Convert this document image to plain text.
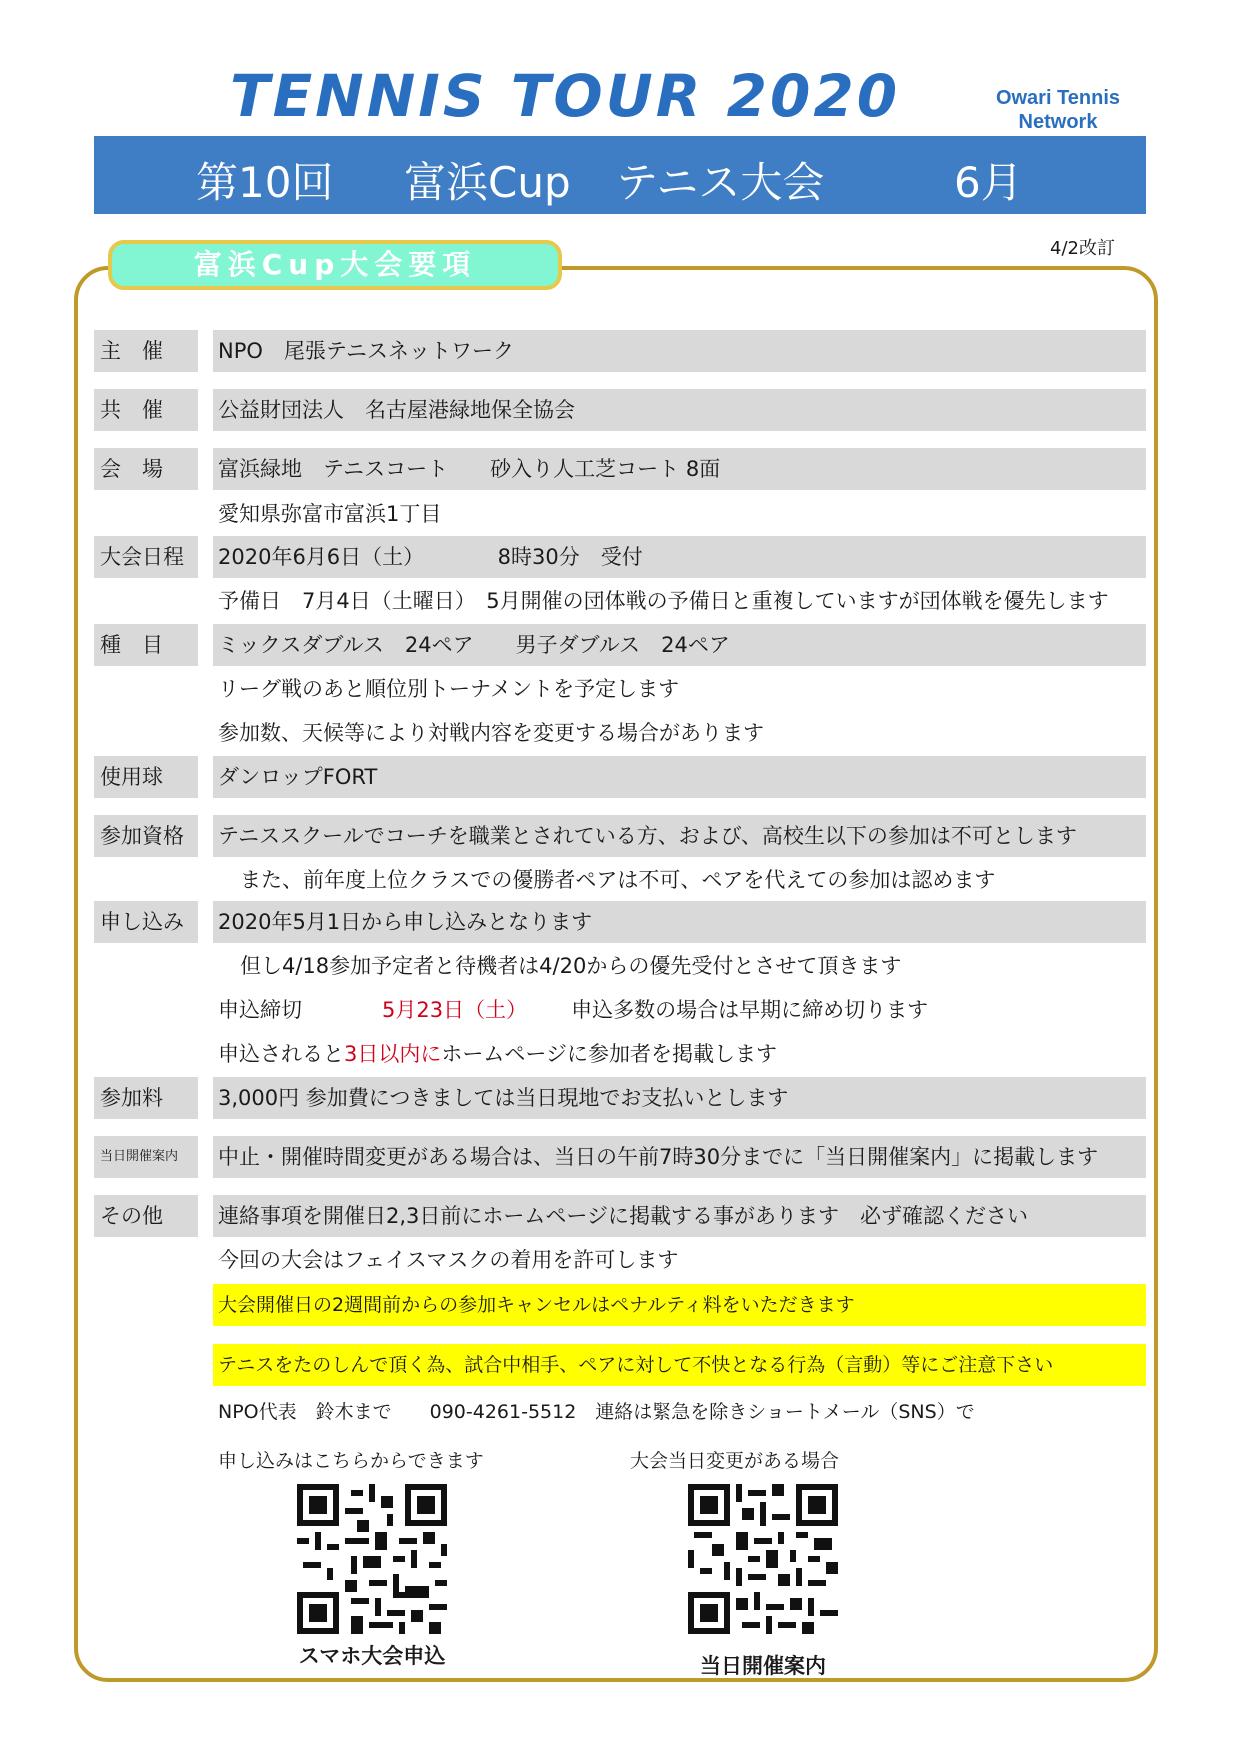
TENNIS TOUR 2020	Owari Tennis
Network
第10回 富浜Cup テニス大会	6月
4/2改訂
富浜Cup大会要項
主　催	NPO　尾張テニスネットワーク
共　催	公益財団法人　名古屋港緑地保全協会
会　場	富浜緑地　テニスコート　　砂入り人工芝コート 8面
愛知県弥富市富浜1丁目
大会日程	2020年6月6日（土）　　　　8時30分　受付
予備日　7月4日（土曜日）　5月開催の団体戦の予備日と重複していますが団体戦を優先します
種　目	ミックスダブルス　24ペア　　男子ダブルス　24ペア
リーグ戦のあと順位別トーナメントを予定します
参加数、天候等により対戦内容を変更する場合があります
使用球	ダンロップFORT
参加資格	テニススクールでコーチを職業とされている方、および、高校生以下の参加は不可とします
また、前年度上位クラスでの優勝者ペアは不可、ペアを代えての参加は認めます
申し込み	2020年5月1日から申し込みとなります
但し4/18参加予定者と待機者は4/20からの優先受付とさせて頂きます
申込締切	5月23日（土） 申込多数の場合は早期に締め切ります
申込されると3日以内にホームページに参加者を掲載します
参加料	3,000円 参加費につきましては当日現地でお支払いとします
当日開催案内	中止・開催時間変更がある場合は、当日の午前7時30分までに「当日開催案内」に掲載します
その他	連絡事項を開催日2,3日前にホームページに掲載する事があります　必ず確認ください
今回の大会はフェイスマスクの着用を許可します
大会開催日の2週間前からの参加キャンセルはペナルティ料をいただきます
テニスをたのしんで頂く為、試合中相手、ペアに対して不快となる行為（言動）等にご注意下さい
NPO代表　鈴木まで　　090-4261-5512　連絡は緊急を除きショートメール（SNS）で
申し込みはこちらからできます	大会当日変更がある場合
スマホ大会申込	当日開催案内
